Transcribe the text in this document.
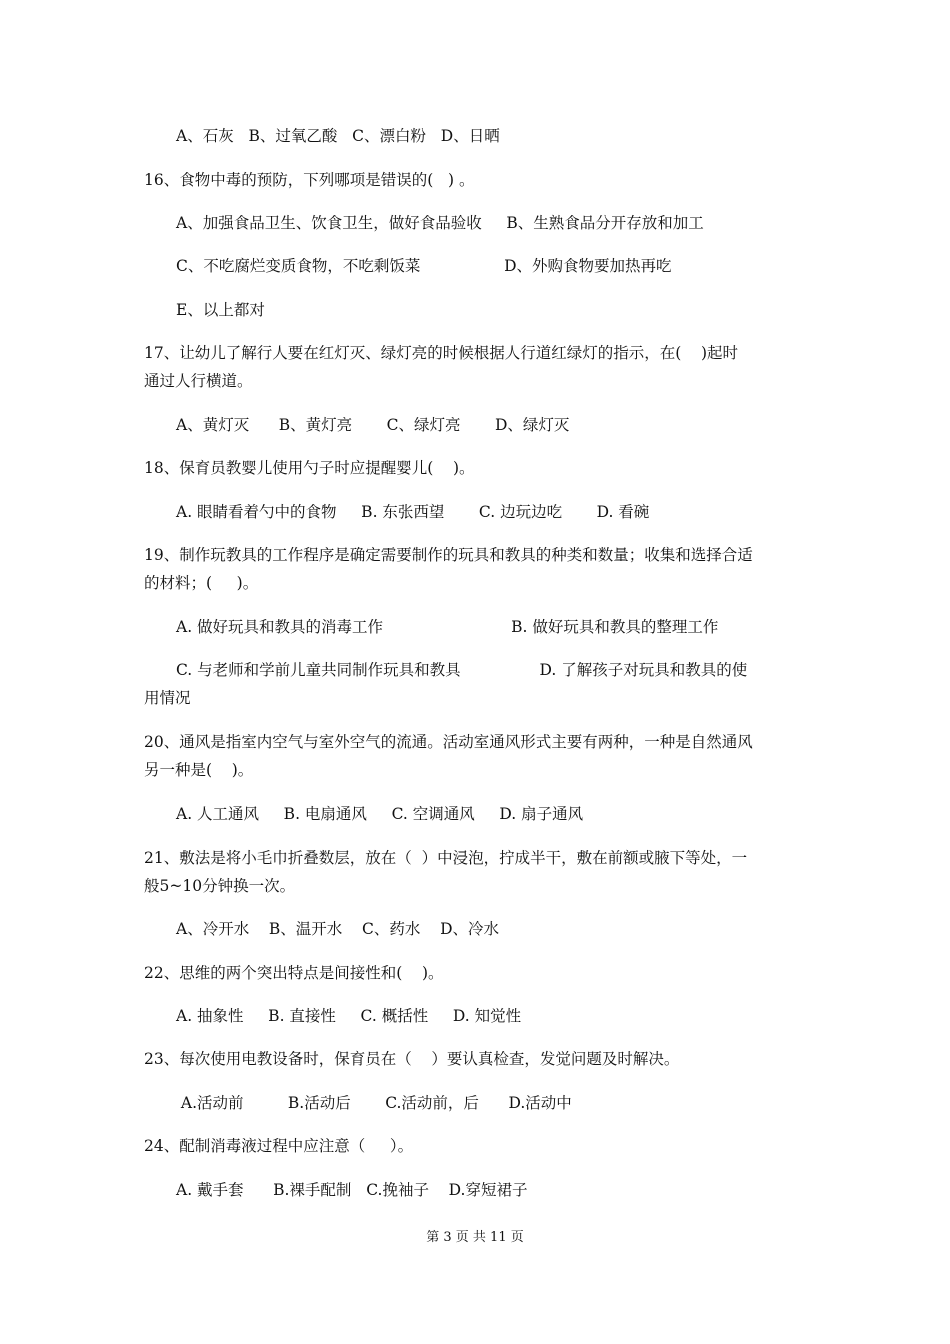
A、石灰   B、过氧乙酸   C、漂白粉   D、日晒
16、食物中毒的预防，下列哪项是错误的(   ) 。
A、加强食品卫生、饮食卫生，做好食品验收     B、生熟食品分开存放和加工
C、不吃腐烂变质食物，不吃剩饭菜                 D、外购食物要加热再吃
E、以上都对
17、让幼儿了解行人要在红灯灭、绿灯亮的时候根据人行道红绿灯的指示，在(    )起时
通过人行横道。
A、黄灯灭      B、黄灯亮       C、绿灯亮       D、绿灯灭
18、保育员教婴儿使用勺子时应提醒婴儿(    )。
A. 眼睛看着勺中的食物     B. 东张西望       C. 边玩边吃       D. 看碗
19、制作玩教具的工作程序是确定需要制作的玩具和教具的种类和数量；收集和选择合适
的材料；(     )。
A. 做好玩具和教具的消毒工作                          B. 做好玩具和教具的整理工作
C. 与老师和学前儿童共同制作玩具和教具                D. 了解孩子对玩具和教具的使
用情况
20、通风是指室内空气与室外空气的流通。活动室通风形式主要有两种，一种是自然通风
另一种是(    )。
A. 人工通风     B. 电扇通风     C. 空调通风     D. 扇子通风
21、敷法是将小毛巾折叠数层，放在（  ）中浸泡，拧成半干，敷在前额或腋下等处，一
般5~10分钟换一次。
A、冷开水    B、温开水    C、药水    D、冷水
22、思维的两个突出特点是间接性和(    )。
A. 抽象性     B. 直接性     C. 概括性     D. 知觉性
23、每次使用电教设备时，保育员在（    ）要认真检查，发觉问题及时解决。
A.活动前         B.活动后       C.活动前，后      D.活动中
24、配制消毒液过程中应注意（     ）。
A. 戴手套      B.裸手配制   C.挽袖子    D.穿短裙子
第 3 页 共 11 页
